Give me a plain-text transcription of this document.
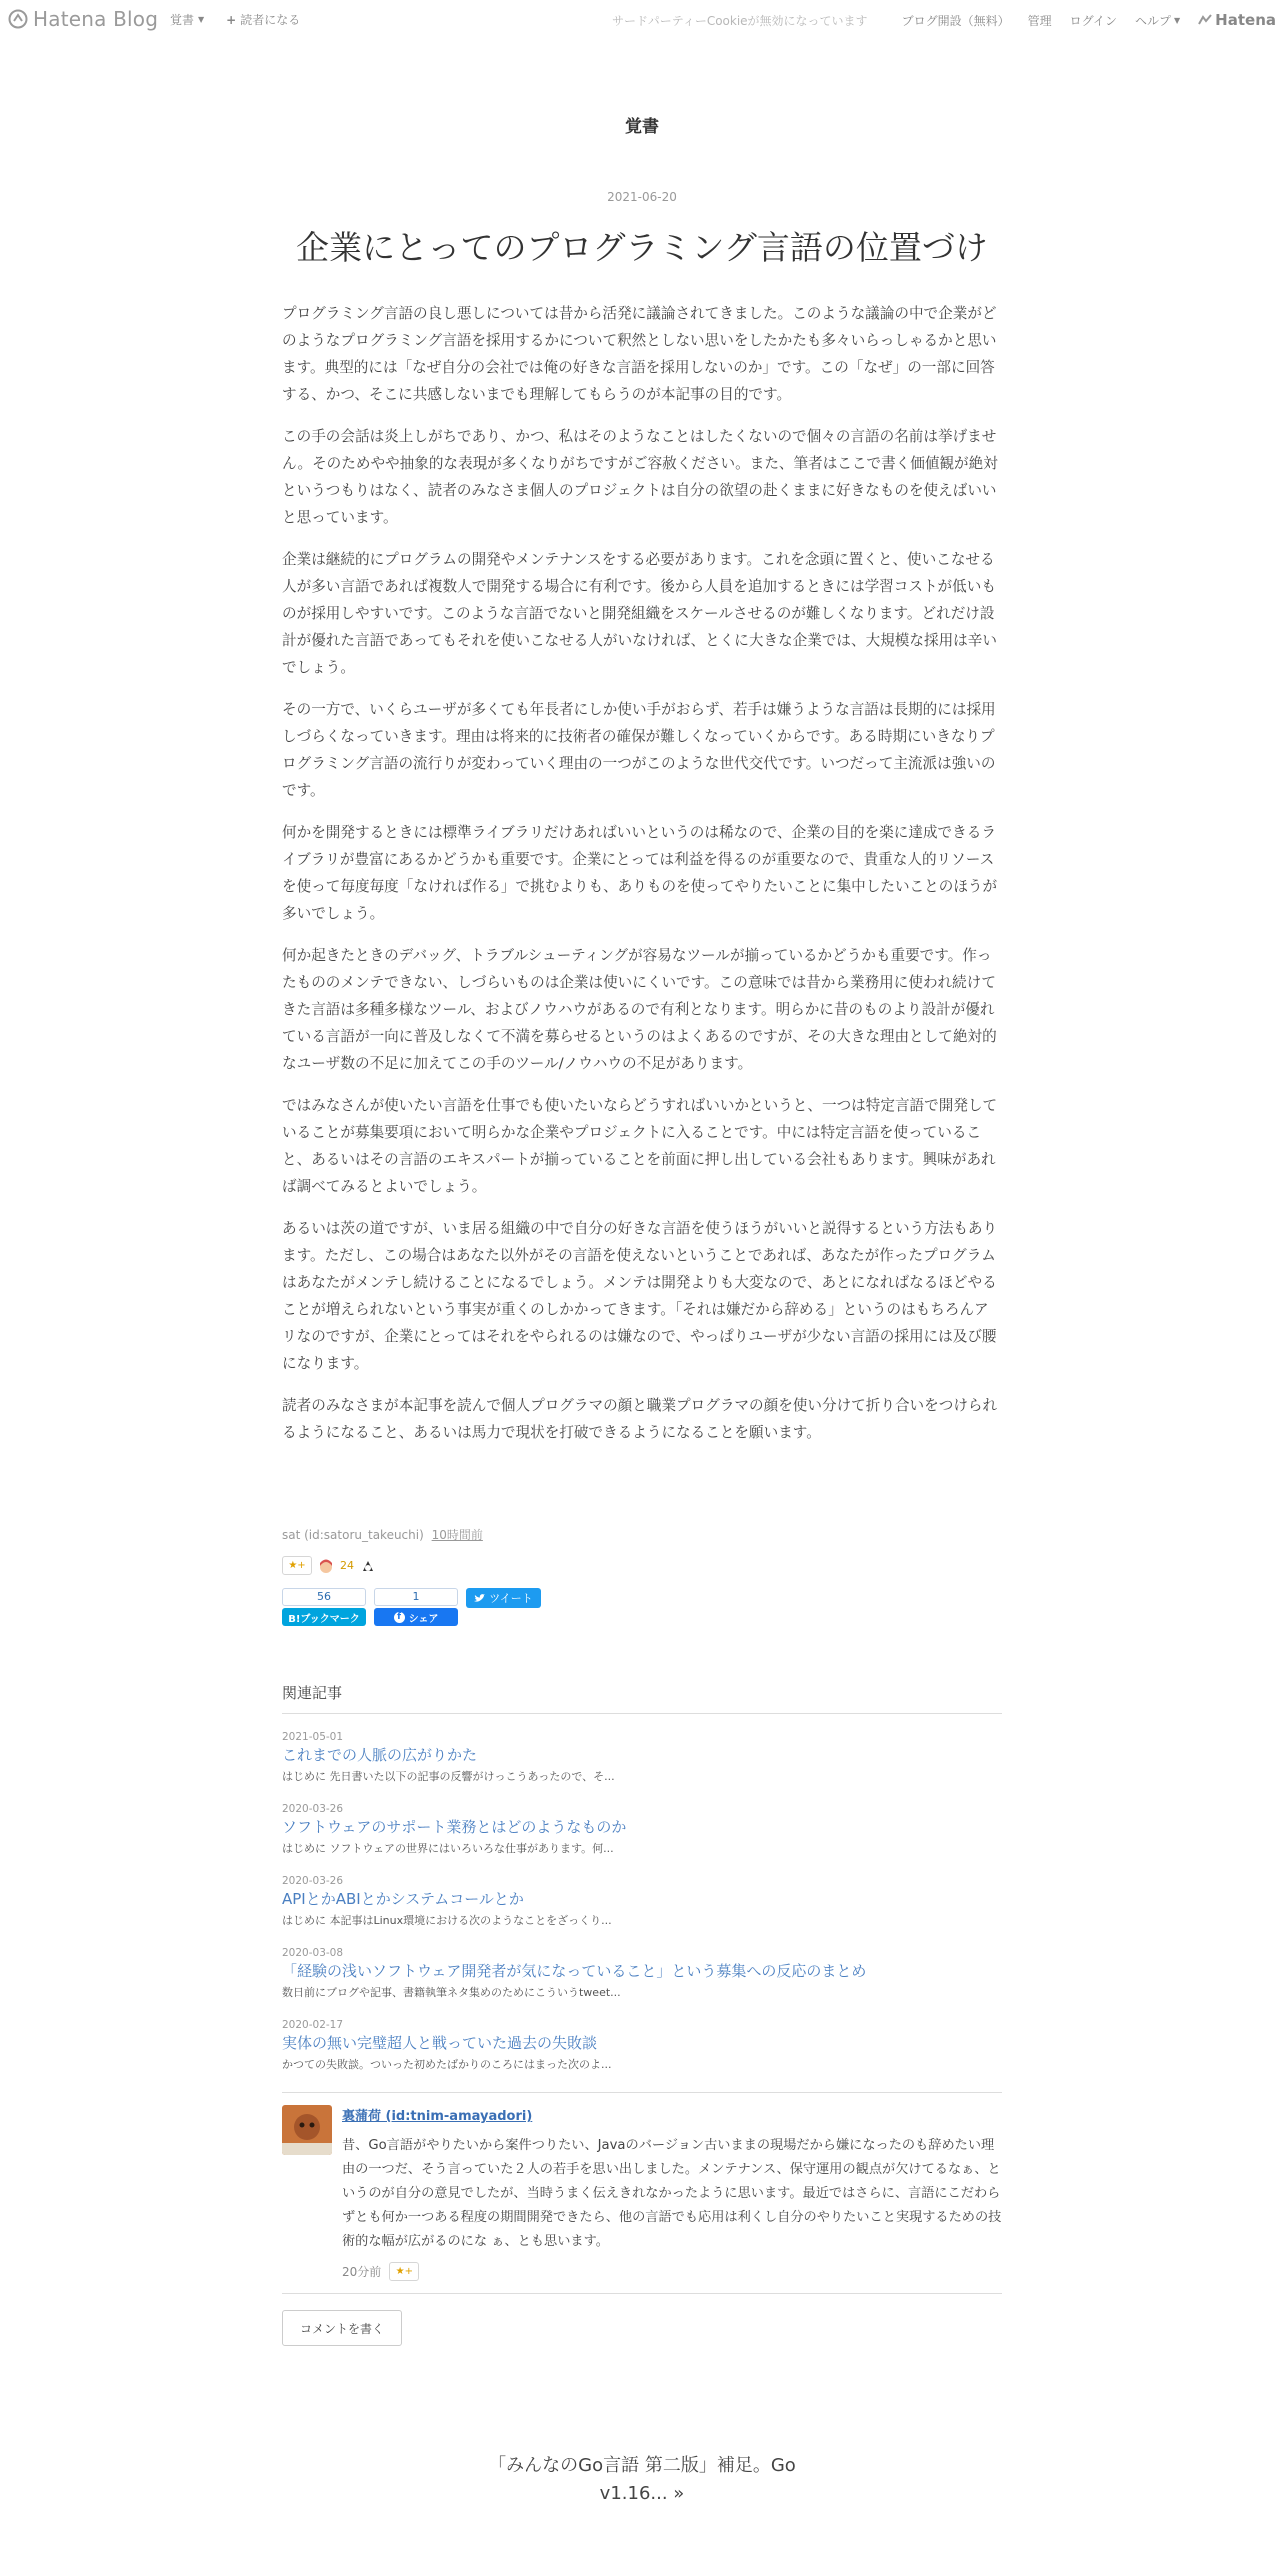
Hatena Blog 覚書 ▼ + 読者になる	サードパーティーCookieが無効になっています	ブログ開設（無料） 管理 ログイン ヘルプ ▼ Hatena
覚書
2021-06-20
企業にとってのプログラミング言語の位置づけ

プログラミング言語の良し悪しについては昔から活発に議論されてきました。このような議論の中で企業がどのようなプログラミング言語を採用するかについて釈然としない思いをしたかたも多々いらっしゃるかと思います。典型的には「なぜ自分の会社では俺の好きな言語を採用しないのか」です。この「なぜ」の一部に回答する、かつ、そこに共感しないまでも理解してもらうのが本記事の目的です。

この手の会話は炎上しがちであり、かつ、私はそのようなことはしたくないので個々の言語の名前は挙げません。そのためやや抽象的な表現が多くなりがちですがご容赦ください。また、筆者はここで書く価値観が絶対というつもりはなく、読者のみなさま個人のプロジェクトは自分の欲望の赴くままに好きなものを使えばいいと思っています。

企業は継続的にプログラムの開発やメンテナンスをする必要があります。これを念頭に置くと、使いこなせる人が多い言語であれば複数人で開発する場合に有利です。後から人員を追加するときには学習コストが低いものが採用しやすいです。このような言語でないと開発組織をスケールさせるのが難しくなります。どれだけ設計が優れた言語であってもそれを使いこなせる人がいなければ、とくに大きな企業では、大規模な採用は辛いでしょう。

その一方で、いくらユーザが多くても年長者にしか使い手がおらず、若手は嫌うような言語は長期的には採用しづらくなっていきます。理由は将来的に技術者の確保が難しくなっていくからです。ある時期にいきなりプログラミング言語の流行りが変わっていく理由の一つがこのような世代交代です。いつだって主流派は強いのです。

何かを開発するときには標準ライブラリだけあればいいというのは稀なので、企業の目的を楽に達成できるライブラリが豊富にあるかどうかも重要です。企業にとっては利益を得るのが重要なので、貴重な人的リソースを使って毎度毎度「なければ作る」で挑むよりも、ありものを使ってやりたいことに集中したいことのほうが多いでしょう。

何か起きたときのデバッグ、トラブルシューティングが容易なツールが揃っているかどうかも重要です。作ったもののメンテできない、しづらいものは企業は使いにくいです。この意味では昔から業務用に使われ続けてきた言語は多種多様なツール、およびノウハウがあるので有利となります。明らかに昔のものより設計が優れている言語が一向に普及しなくて不満を募らせるというのはよくあるのですが、その大きな理由として絶対的なユーザ数の不足に加えてこの手のツール/ノウハウの不足があります。

ではみなさんが使いたい言語を仕事でも使いたいならどうすればいいかというと、一つは特定言語で開発していることが募集要項において明らかな企業やプロジェクトに入ることです。中には特定言語を使っていること、あるいはその言語のエキスパートが揃っていることを前面に押し出している会社もあります。興味があれば調べてみるとよいでしょう。

あるいは茨の道ですが、いま居る組織の中で自分の好きな言語を使うほうがいいと説得するという方法もあります。ただし、この場合はあなた以外がその言語を使えないということであれば、あなたが作ったプログラムはあなたがメンテし続けることになるでしょう。メンテは開発よりも大変なので、あとになればなるほどやることが増えられないという事実が重くのしかかってきます。「それは嫌だから辞める」というのはもちろんアリなのですが、企業にとってはそれをやられるのは嫌なので、やっぱりユーザが少ない言語の採用には及び腰になります。

読者のみなさまが本記事を読んで個人プログラマの顔と職業プログラマの顔を使い分けて折り合いをつけられるようになること、あるいは馬力で現状を打破できるようになることを願います。

sat (id:satoru_takeuchi) 10時間前
★+	24
56
B!ブックマーク
1
f シェア
ツイート
関連記事
2021-05-01
これまでの人脈の広がりかた
はじめに 先日書いた以下の記事の反響がけっこうあったので、そ...
2020-03-26
ソフトウェアのサポート業務とはどのようなものか
はじめに ソフトウェアの世界にはいろいろな仕事があります。何...
2020-03-26
APIとかABIとかシステムコールとか
はじめに 本記事はLinux環境における次のようなことをざっくり...
2020-03-08
「経験の浅いソフトウェア開発者が気になっていること」という募集への反応のまとめ
数日前にブログや記事、書籍執筆ネタ集めのためにこういうtweet...
2020-02-17
実体の無い完璧超人と戦っていた過去の失敗談
かつての失敗談。ついった初めたばかりのころにはまった次のよ...
裏蒲荷 (id:tnim-amayadori)
昔、Go言語がやりたいから案件つりたい、Javaのバージョン古いままの現場だから嫌になったのも辞めたい理由の一つだ、そう言っていた２人の若手を思い出しました。メンテナンス、保守運用の観点が欠けてるなぁ、というのが自分の意見でしたが、当時うまく伝えきれなかったように思います。最近ではさらに、言語にこだわらずとも何か一つある程度の期間開発できたら、他の言語でも応用は利くし自分のやりたいこと実現するための技術的な幅が広がるのにな ぁ、とも思います。
20分前	★+
コメントを書く
「みんなのGo言語 第二版」補足。Go
v1.16... »
